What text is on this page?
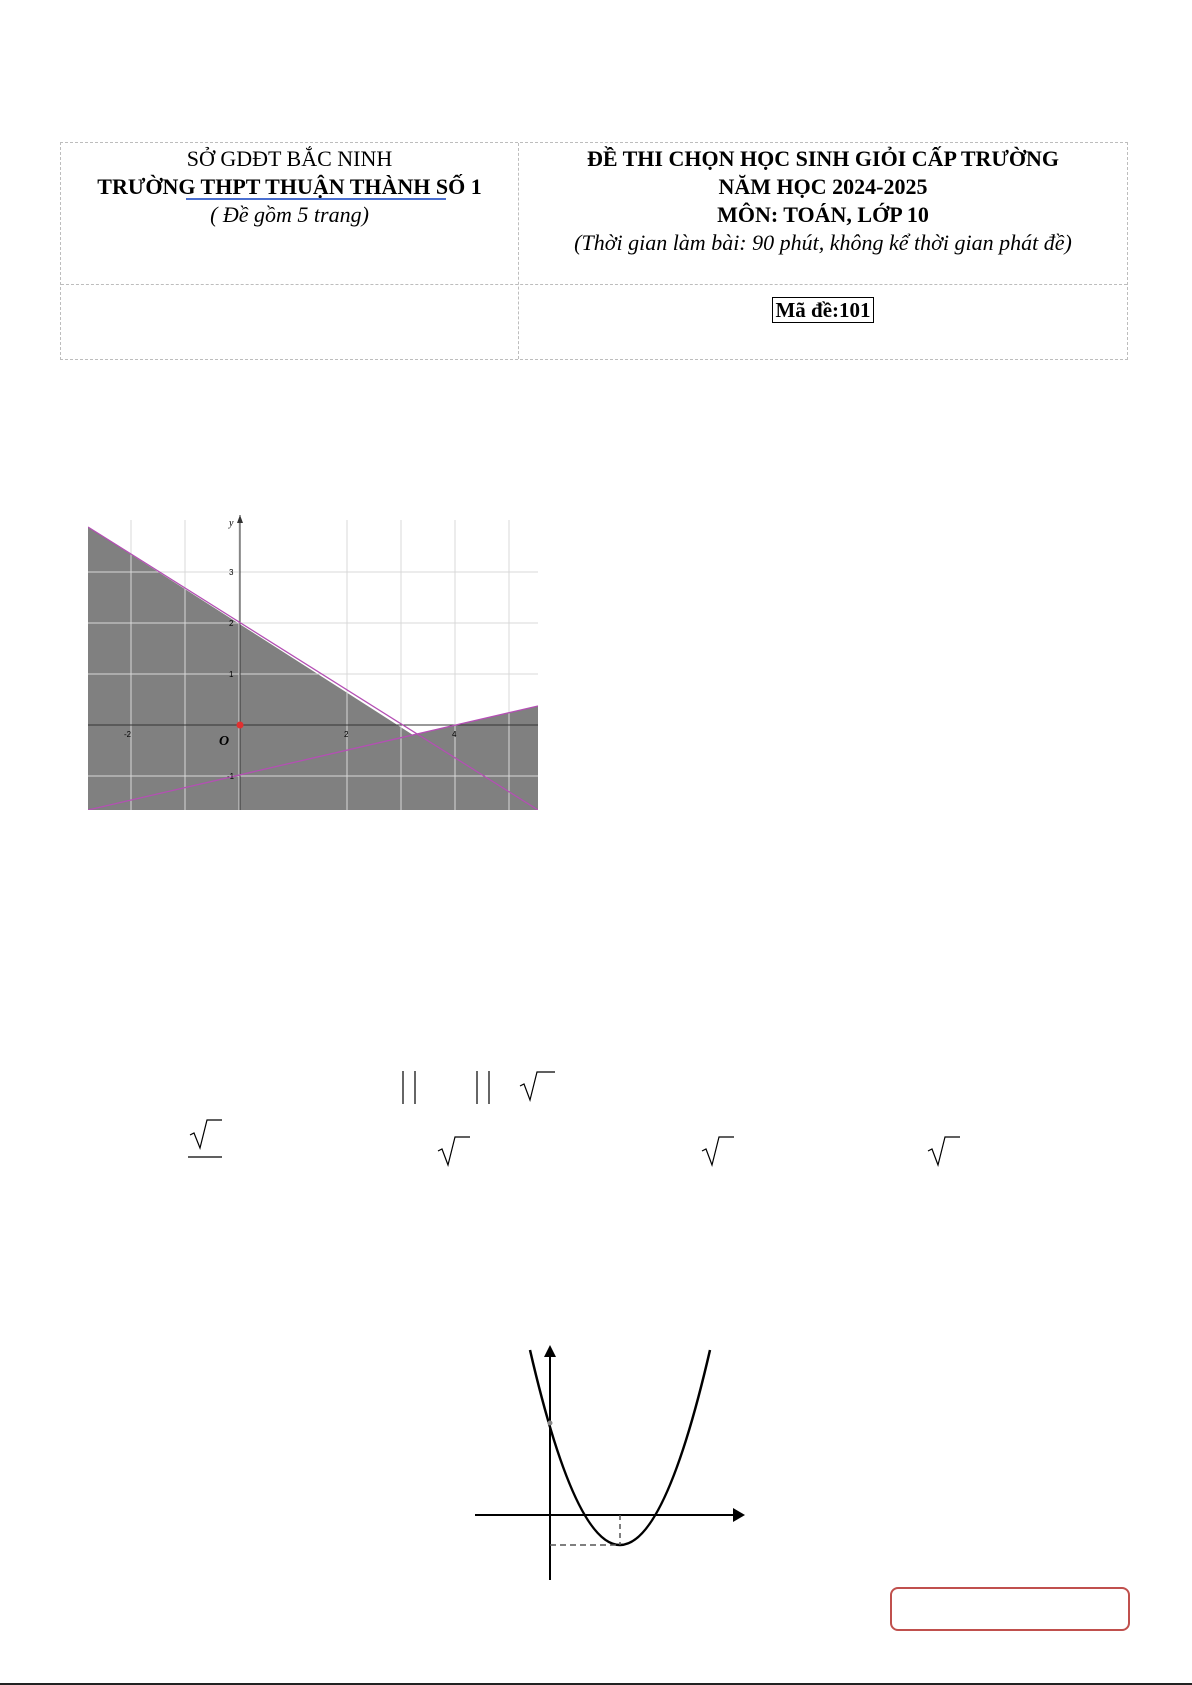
SỞ GDĐT BẮC NINH
TRƯỜNG THPT THUẬN THÀNH SỐ 1
( Đề gồm 5 trang)
ĐỀ THI CHỌN HỌC SINH GIỎI CẤP TRƯỜNG
NĂM HỌC 2024-2025
MÔN: TOÁN, LỚP 10
(Thời gian làm bài: 90 phút, không kể thời gian phát đề)
Mã đề:101
y
O
-2	2	4
3
2
1
-1
